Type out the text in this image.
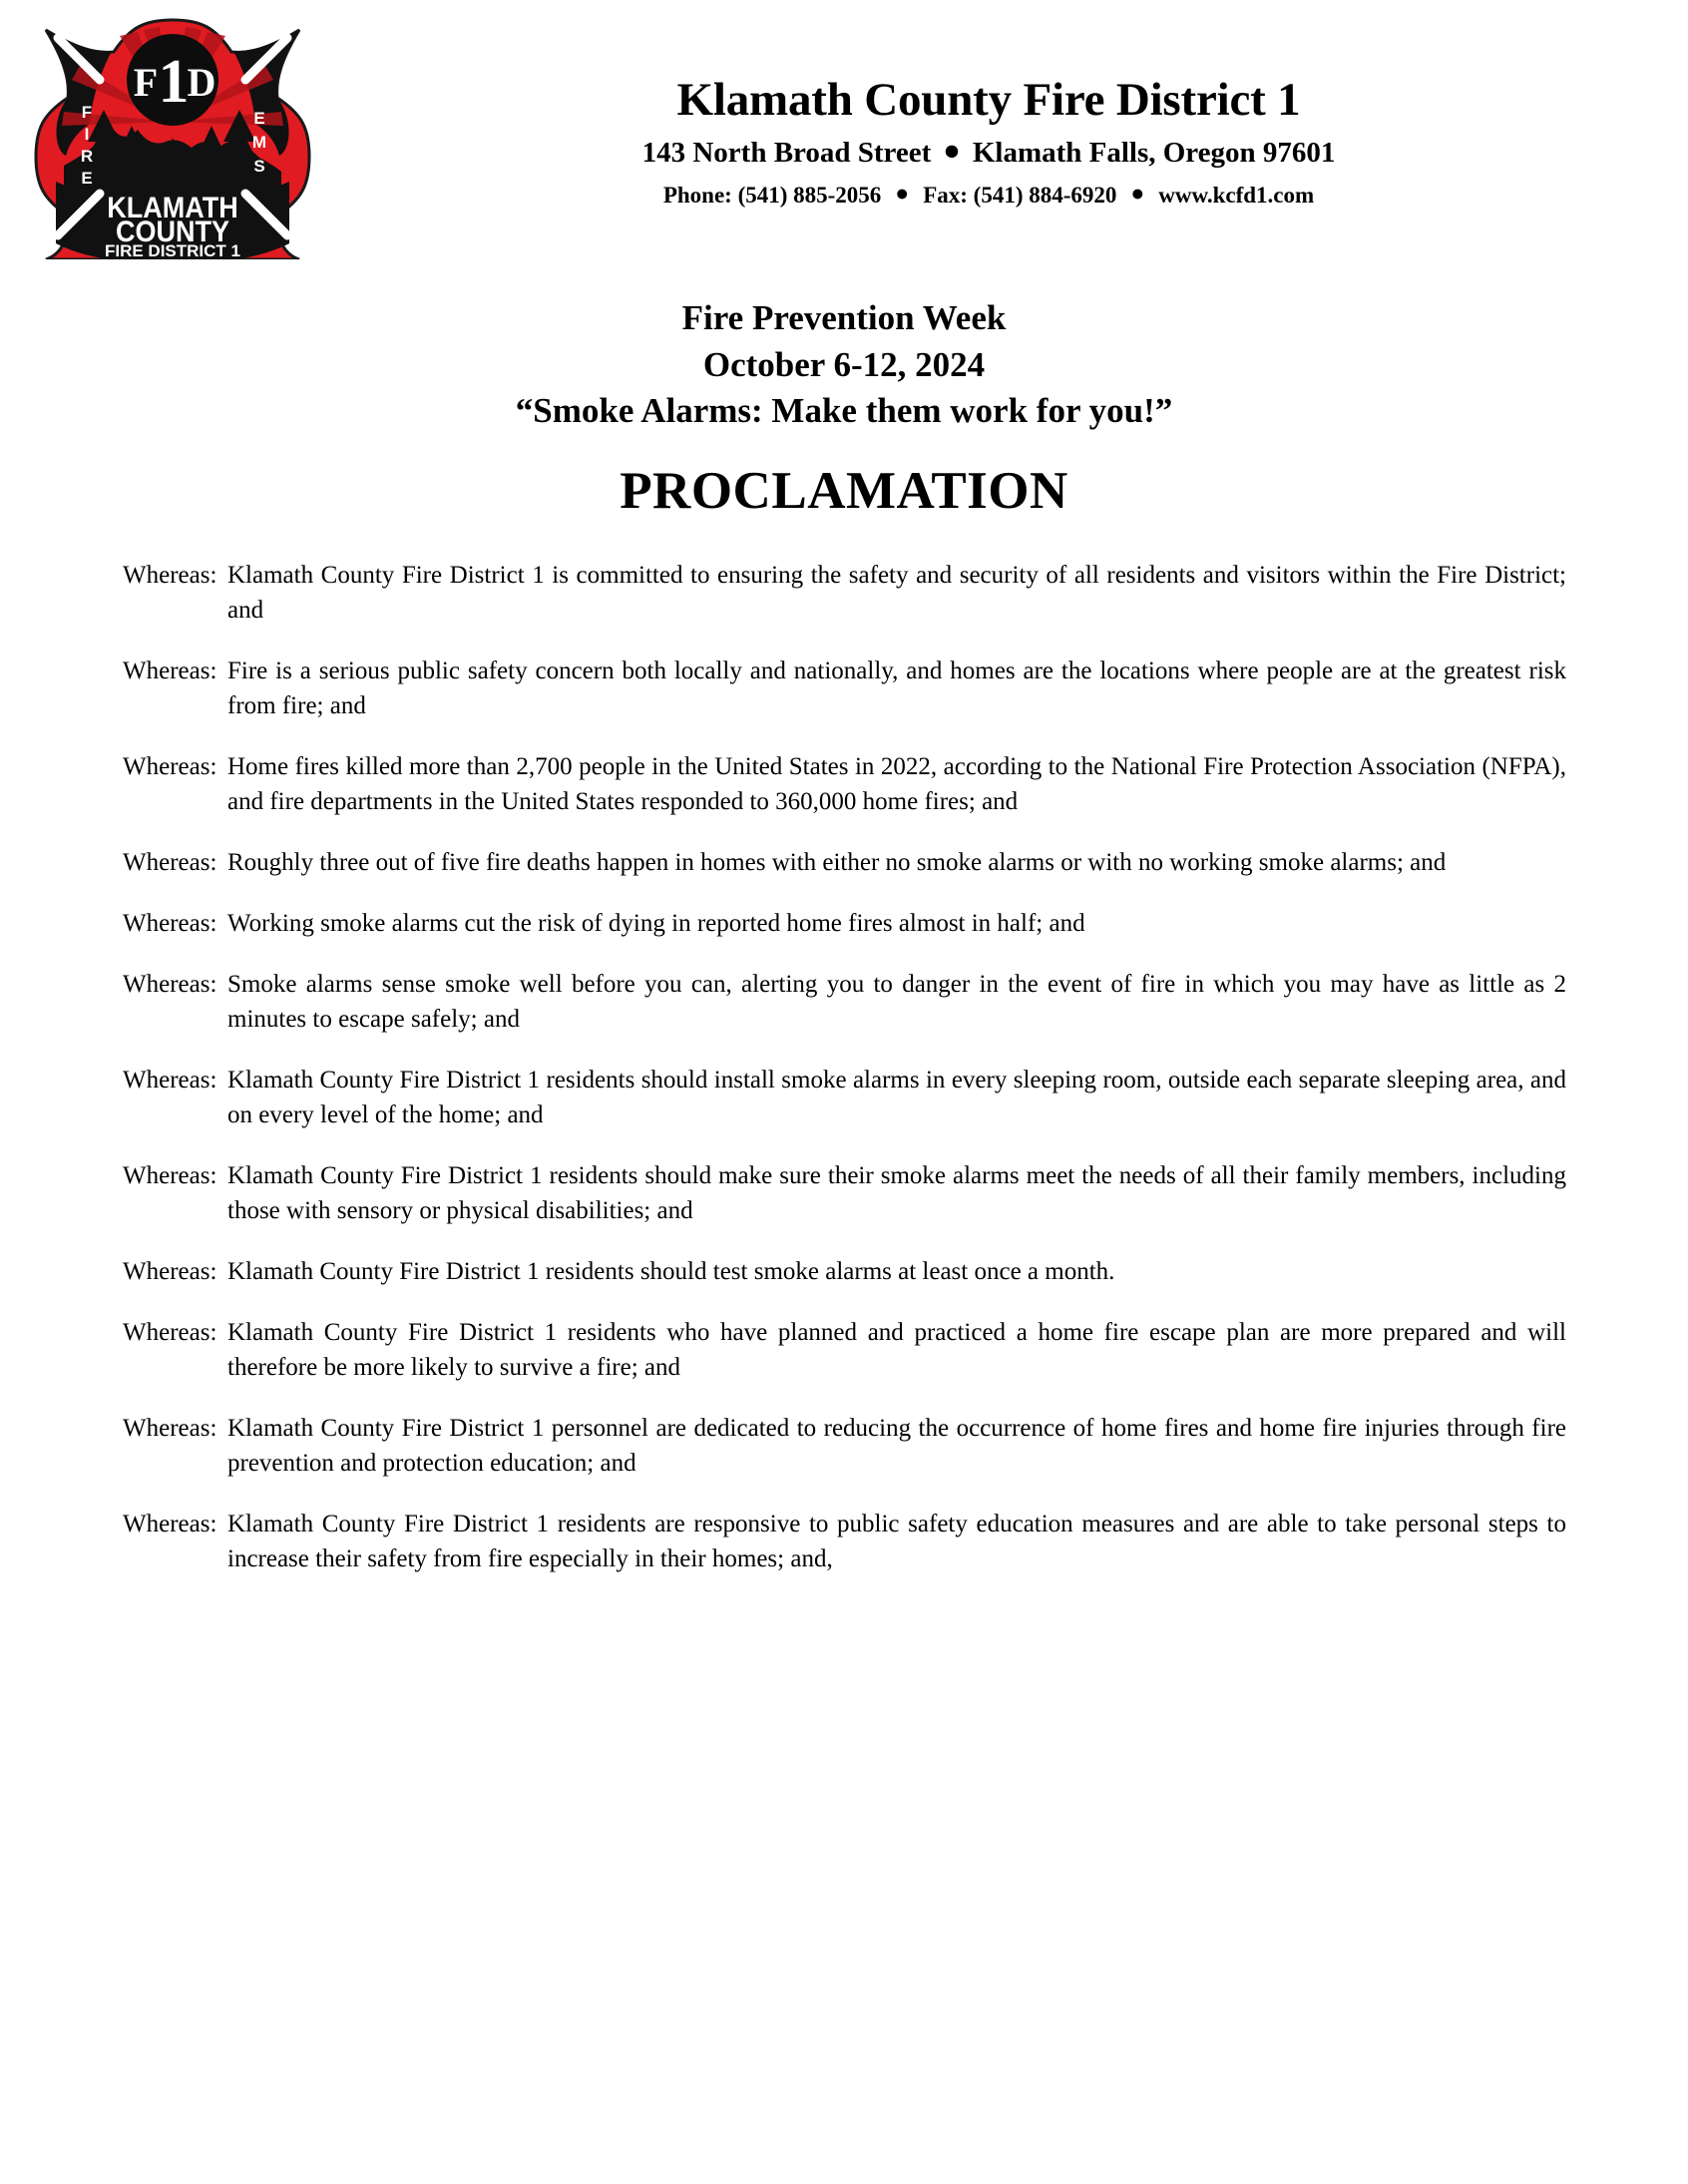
F 1
D
F
I
R
E
E
M
S
KLAMATH
COUNTY
FIRE DISTRICT 1
Klamath County Fire District 1
143 North Broad Street ● Klamath Falls, Oregon 97601
Phone: (541) 885-2056 ● Fax: (541) 884-6920 ● www.kcfd1.com
Fire Prevention Week
October 6-12, 2024
“Smoke Alarms: Make them work for you!”
PROCLAMATION
Whereas: Klamath County Fire District 1 is committed to ensuring the safety and security of all residents and visitors within the Fire District; and
Whereas: Fire is a serious public safety concern both locally and nationally, and homes are the locations where people are at the greatest risk from fire; and
Whereas: Home fires killed more than 2,700 people in the United States in 2022, according to the National Fire Protection Association (NFPA), and fire departments in the United States responded to 360,000 home fires; and
Whereas: Roughly three out of five fire deaths happen in homes with either no smoke alarms or with no working smoke alarms; and
Whereas: Working smoke alarms cut the risk of dying in reported home fires almost in half; and
Whereas: Smoke alarms sense smoke well before you can, alerting you to danger in the event of fire in which you may have as little as 2 minutes to escape safely; and
Whereas: Klamath County Fire District 1 residents should install smoke alarms in every sleeping room, outside each separate sleeping area, and on every level of the home; and
Whereas: Klamath County Fire District 1 residents should make sure their smoke alarms meet the needs of all their family members, including those with sensory or physical disabilities; and
Whereas: Klamath County Fire District 1 residents should test smoke alarms at least once a month.
Whereas: Klamath County Fire District 1 residents who have planned and practiced a home fire escape plan are more prepared and will therefore be more likely to survive a fire; and
Whereas: Klamath County Fire District 1 personnel are dedicated to reducing the occurrence of home fires and home fire injuries through fire prevention and protection education; and
Whereas: Klamath County Fire District 1 residents are responsive to public safety education measures and are able to take personal steps to increase their safety from fire especially in their homes; and,
